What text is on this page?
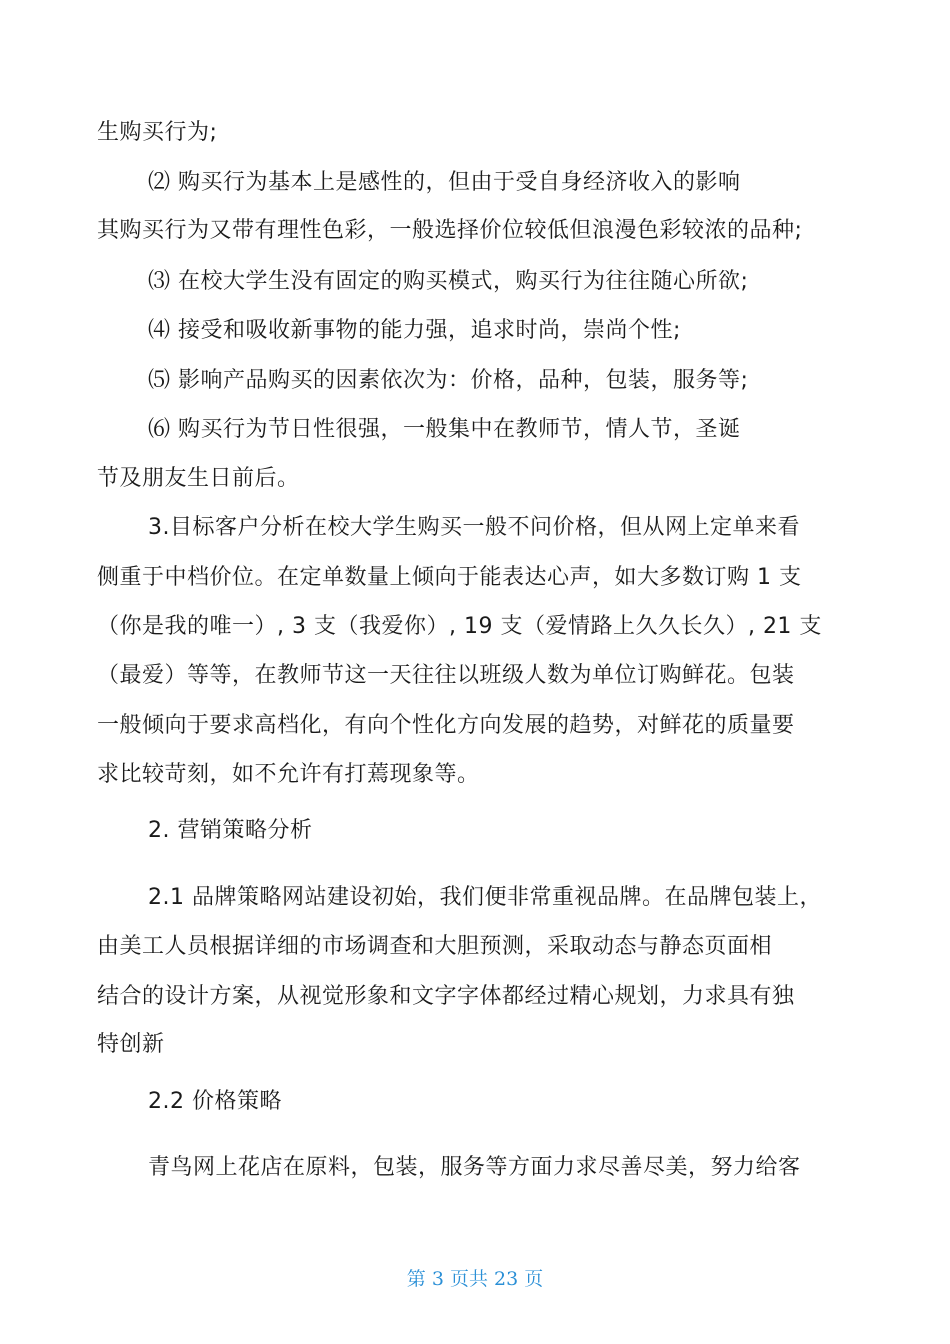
生购买行为;
⑵ 购买行为基本上是感性的，但由于受自身经济收入的影响
其购买行为又带有理性色彩，一般选择价位较低但浪漫色彩较浓的品种;
⑶ 在校大学生没有固定的购买模式，购买行为往往随心所欲;
⑷ 接受和吸收新事物的能力强，追求时尚，崇尚个性;
⑸ 影响产品购买的因素依次为：价格，品种，包装，服务等;
⑹ 购买行为节日性很强，一般集中在教师节，情人节，圣诞
节及朋友生日前后。
3.目标客户分析在校大学生购买一般不问价格，但从网上定单来看
侧重于中档价位。在定单数量上倾向于能表达心声，如大多数订购 1 支
（你是我的唯一）, 3 支（我爱你）, 19 支（爱情路上久久长久）, 21 支
（最爱）等等，在教师节这一天往往以班级人数为单位订购鲜花。包装
一般倾向于要求高档化，有向个性化方向发展的趋势，对鲜花的质量要
求比较苛刻，如不允许有打蔫现象等。
2. 营销策略分析
2.1 品牌策略网站建设初始，我们便非常重视品牌。在品牌包装上，
由美工人员根据详细的市场调查和大胆预测，采取动态与静态页面相
结合的设计方案，从视觉形象和文字字体都经过精心规划，力求具有独
特创新
2.2 价格策略
青鸟网上花店在原料，包装，服务等方面力求尽善尽美，努力给客
第 3 页共 23 页
